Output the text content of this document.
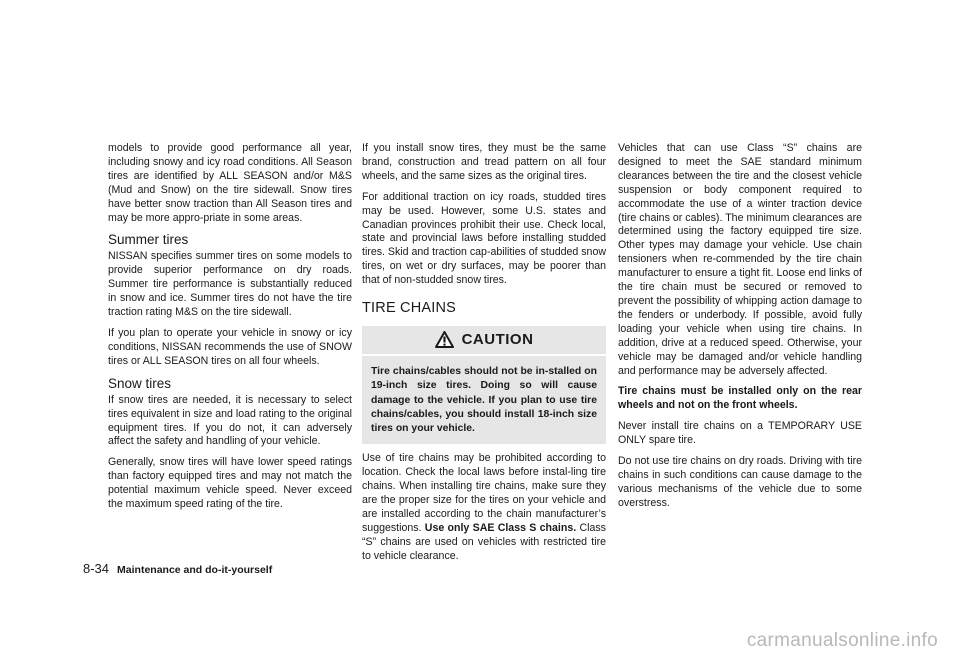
models to provide good performance all year, including snowy and icy road conditions. All Season tires are identified by ALL SEASON and/or M&S (Mud and Snow) on the tire sidewall. Snow tires have better snow traction than All Season tires and may be more appro-priate in some areas.

Summer tires

NISSAN specifies summer tires on some models to provide superior performance on dry roads. Summer tire performance is substantially reduced in snow and ice. Summer tires do not have the tire traction rating M&S on the tire sidewall.

If you plan to operate your vehicle in snowy or icy conditions, NISSAN recommends the use of SNOW tires or ALL SEASON tires on all four wheels.

Snow tires

If snow tires are needed, it is necessary to select tires equivalent in size and load rating to the original equipment tires. If you do not, it can adversely affect the safety and handling of your vehicle.

Generally, snow tires will have lower speed ratings than factory equipped tires and may not match the potential maximum vehicle speed. Never exceed the maximum speed rating of the tire.

If you install snow tires, they must be the same brand, construction and tread pattern on all four wheels, and the same sizes as the original tires.

For additional traction on icy roads, studded tires may be used. However, some U.S. states and Canadian provinces prohibit their use. Check local, state and provincial laws before installing studded tires. Skid and traction cap-abilities of studded snow tires, on wet or dry surfaces, may be poorer than that of non-studded snow tires.

TIRE CHAINS
CAUTION
Tire chains/cables should not be in-stalled on 19-inch size tires. Doing so will cause damage to the vehicle. If you plan to use tire chains/cables, you should install 18-inch size tires on your vehicle.

Use of tire chains may be prohibited according to location. Check the local laws before instal-ling tire chains. When installing tire chains, make sure they are the proper size for the tires on your vehicle and are installed according to the chain manufacturer’s suggestions. Use only SAE Class S chains. Class “S” chains are used on vehicles with restricted tire to vehicle clearance.

Vehicles that can use Class “S” chains are designed to meet the SAE standard minimum clearances between the tire and the closest vehicle suspension or body component required to accommodate the use of a winter traction device (tire chains or cables). The minimum clearances are determined using the factory equipped tire size. Other types may damage your vehicle. Use chain tensioners when re-commended by the tire chain manufacturer to ensure a tight fit. Loose end links of the tire chain must be secured or removed to prevent the possibility of whipping action damage to the fenders or underbody. If possible, avoid fully loading your vehicle when using tire chains. In addition, drive at a reduced speed. Otherwise, your vehicle may be damaged and/or vehicle handling and performance may be adversely affected.

Tire chains must be installed only on the rear wheels and not on the front wheels.

Never install tire chains on a TEMPORARY USE ONLY spare tire.

Do not use tire chains on dry roads. Driving with tire chains in such conditions can cause damage to the various mechanisms of the vehicle due to some overstress.

8-34 Maintenance and do-it-yourself
carmanualsonline.info
